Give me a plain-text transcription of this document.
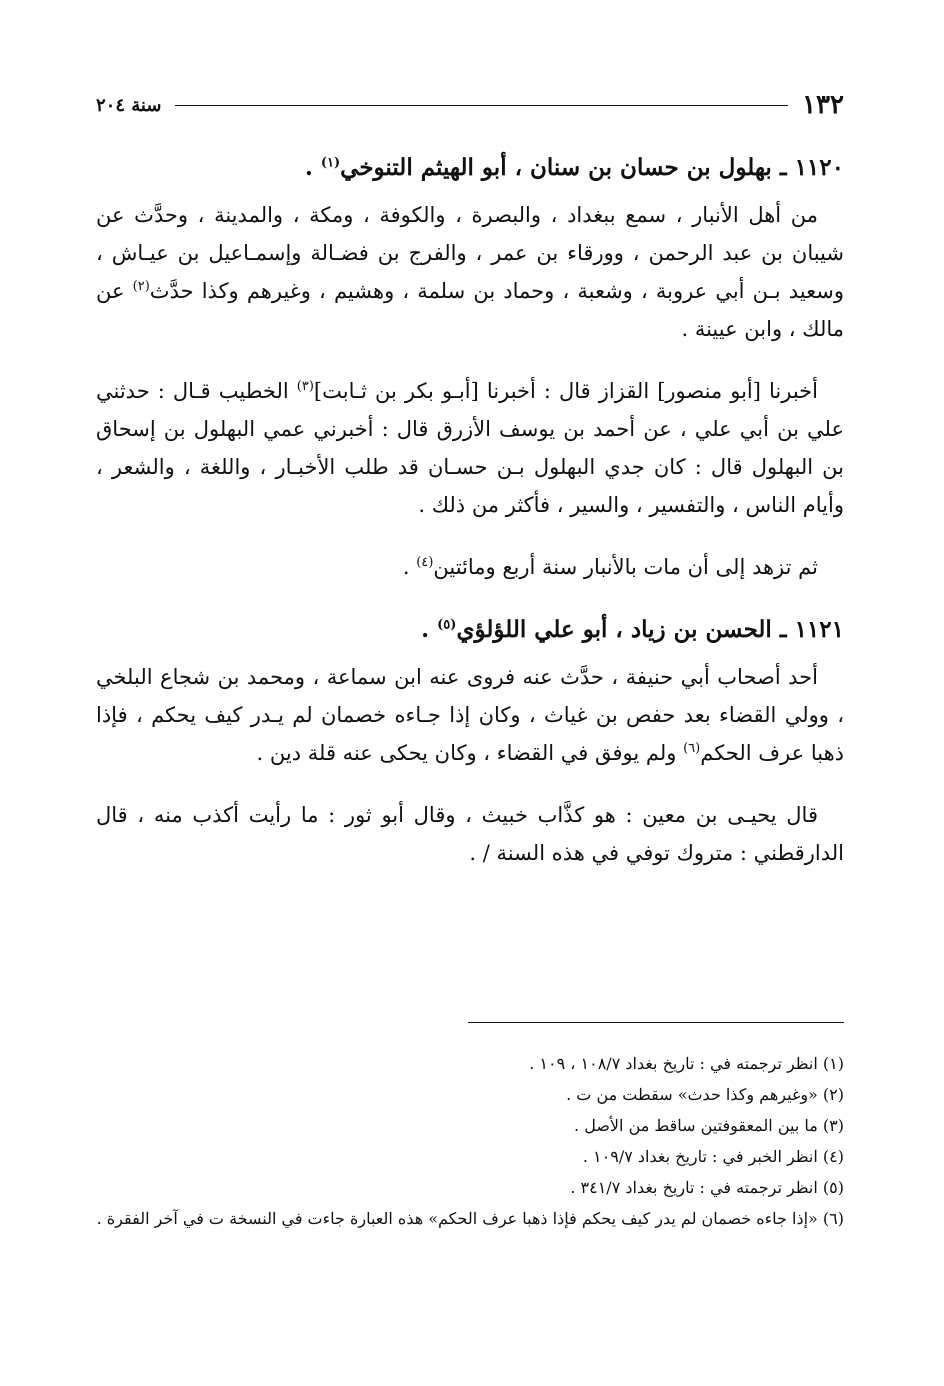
١٣٢
سنة ٢٠٤
١١٢٠ ـ بهلول بن حسان بن سنان ، أبو الهيثم التنوخي$^{(١)}$ .

من أهل الأنبار ، سمع ببغداد ، والبصرة ، والكوفة ، ومكة ، والمدينة ، وحدَّث عن شيبان بن عبد الرحمن ، وورقاء بن عمر ، والفرج بن فضـالة وإسمـاعيل بن عيـاش ، وسعيد بـن أبي عروبة ، وشعبة ، وحماد بن سلمة ، وهشيم ، وغيرهم وكذا حدَّث$^{(٢)}$ عن مالك ، وابن عيينة .

أخبرنا [أبو منصور] القزاز قال : أخبرنا [أبـو بكر بن ثـابت]$^{(٣)}$ الخطيب قـال : حدثني علي بن أبي علي ، عن أحمد بن يوسف الأزرق قال : أخبرني عمي البهلول بن إسحاق بن البهلول قال : كان جدي البهلول بـن حسـان قد طلب الأخبـار ، واللغة ، والشعر ، وأيام الناس ، والتفسير ، والسير ، فأكثر من ذلك .

ثم تزهد إلى أن مات بالأنبار سنة أربع ومائتين$^{(٤)}$ .

١١٢١ ـ الحسن بن زياد ، أبو علي اللؤلؤي$^{(٥)}$ .

أحد أصحاب أبي حنيفة ، حدَّث عنه فروى عنه ابن سماعة ، ومحمد بن شجاع البلخي ، وولي القضاء بعد حفص بن غياث ، وكان إذا جـاءه خصمان لم يـدر كيف يحكم ، فإذا ذهبا عرف الحكم$^{(٦)}$ ولم يوفق في القضاء ، وكان يحكى عنه قلة دين .

قال يحيـى بن معين : هو كذَّاب خبيث ، وقال أبو ثور : ما رأيت أكذب منه ، قال الدارقطني : متروك توفي في هذه السنة / .

(١) انظر ترجمته في : تاريخ بغداد ١٠٨/٧ ، ١٠٩ .

(٢) «وغيرهم وكذا حدث» سقطت من ت .

(٣) ما بين المعقوفتين ساقط من الأصل .

(٤) انظر الخبر في : تاريخ بغداد ١٠٩/٧ .

(٥) انظر ترجمته في : تاريخ بغداد ٣٤١/٧ .

(٦) «إذا جاءه خصمان لم يدر كيف يحكم فإذا ذهبا عرف الحكم» هذه العبارة جاءت في النسخة ت في آخر الفقرة .
